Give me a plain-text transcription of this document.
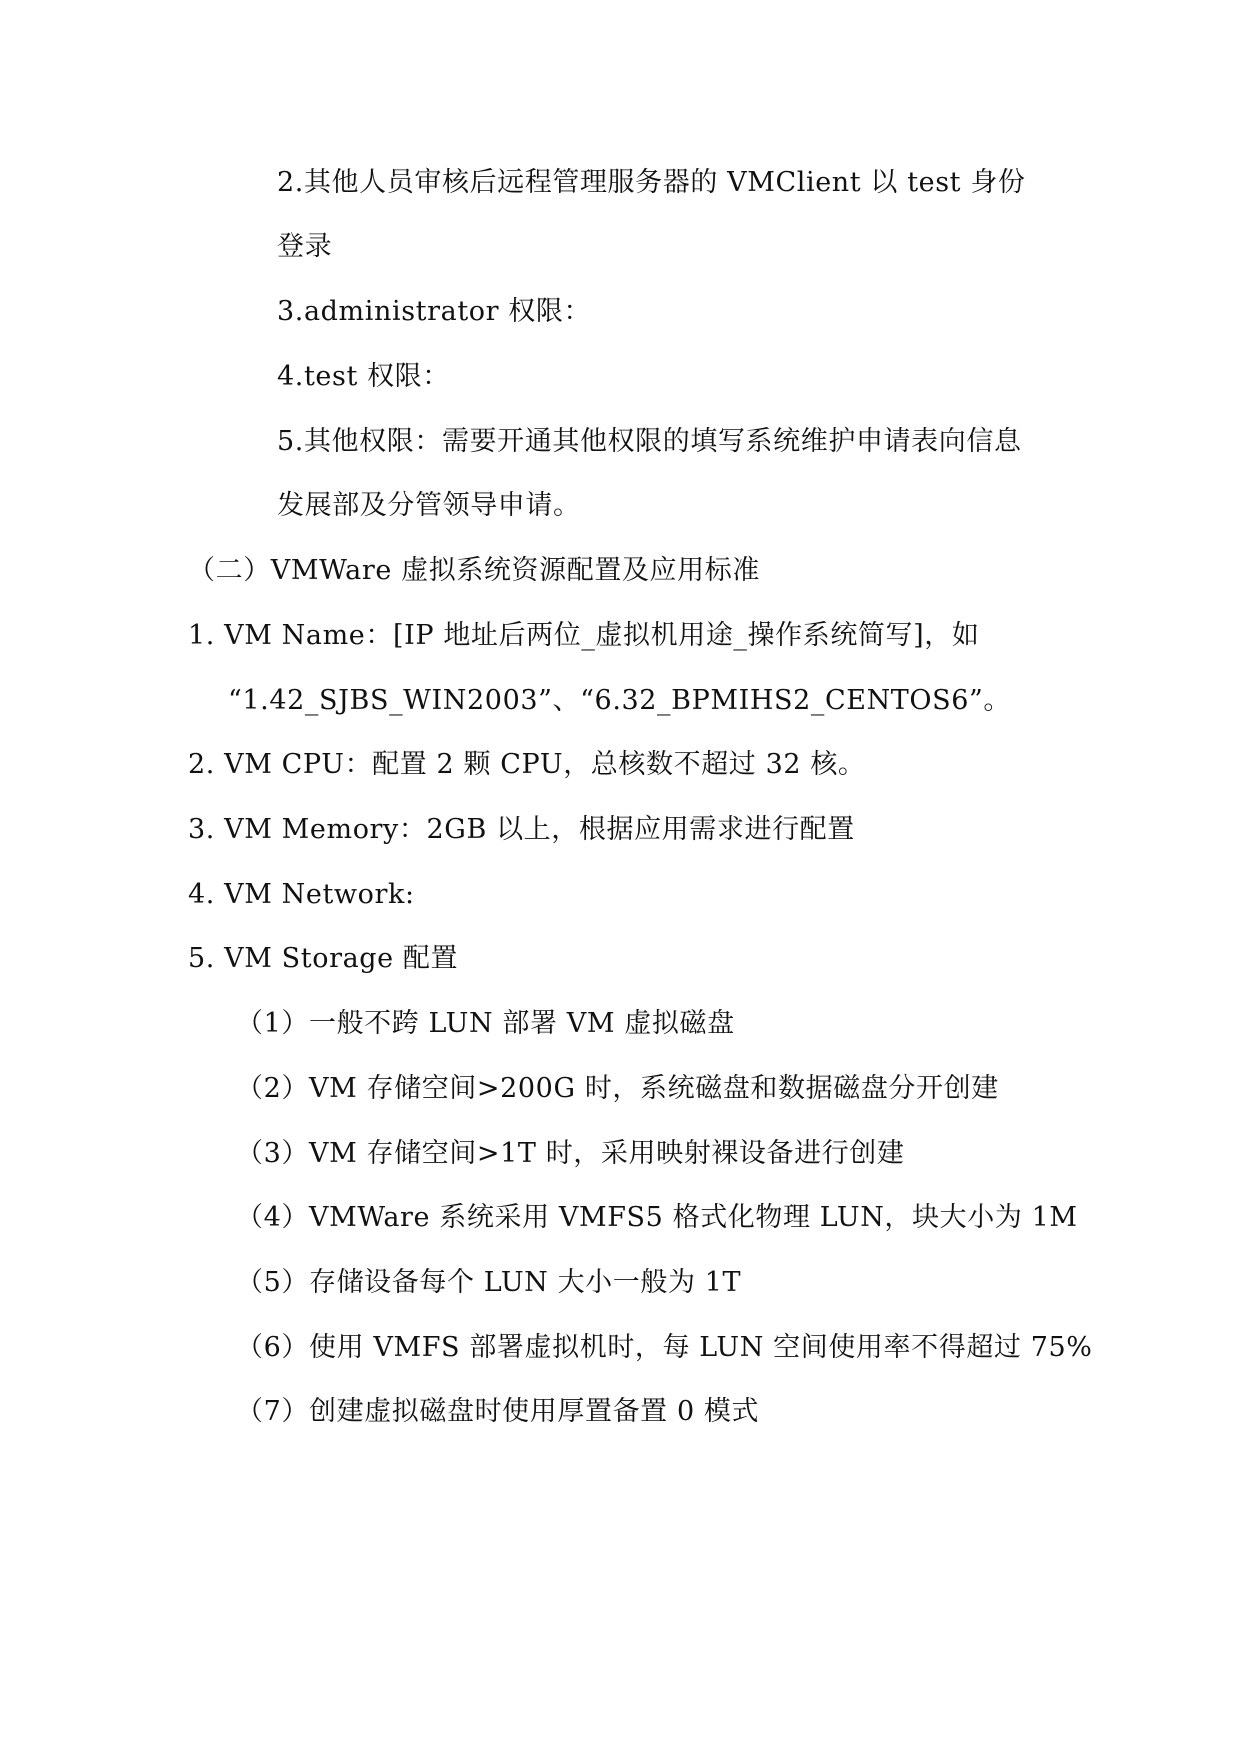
2.其他人员审核后远程管理服务器的 VMClient 以 test 身份
登录
3.administrator 权限：
4.test 权限：
5.其他权限：需要开通其他权限的填写系统维护申请表向信息
发展部及分管领导申请。
（二）VMWare 虚拟系统资源配置及应用标准
1. VM Name：[IP 地址后两位_虚拟机用途_操作系统简写]，如
“1.42_SJBS_WIN2003”、“6.32_BPMIHS2_CENTOS6”。
2. VM CPU：配置 2 颗 CPU，总核数不超过 32 核。
3. VM Memory：2GB 以上，根据应用需求进行配置
4. VM Network:
5. VM Storage 配置
（1）一般不跨 LUN 部署 VM 虚拟磁盘
（2）VM 存储空间>200G 时，系统磁盘和数据磁盘分开创建
（3）VM 存储空间>1T 时，采用映射裸设备进行创建
（4）VMWare 系统采用 VMFS5 格式化物理 LUN，块大小为 1M
（5）存储设备每个 LUN 大小一般为 1T
（6）使用 VMFS 部署虚拟机时，每 LUN 空间使用率不得超过 75%
（7）创建虚拟磁盘时使用厚置备置 0 模式
